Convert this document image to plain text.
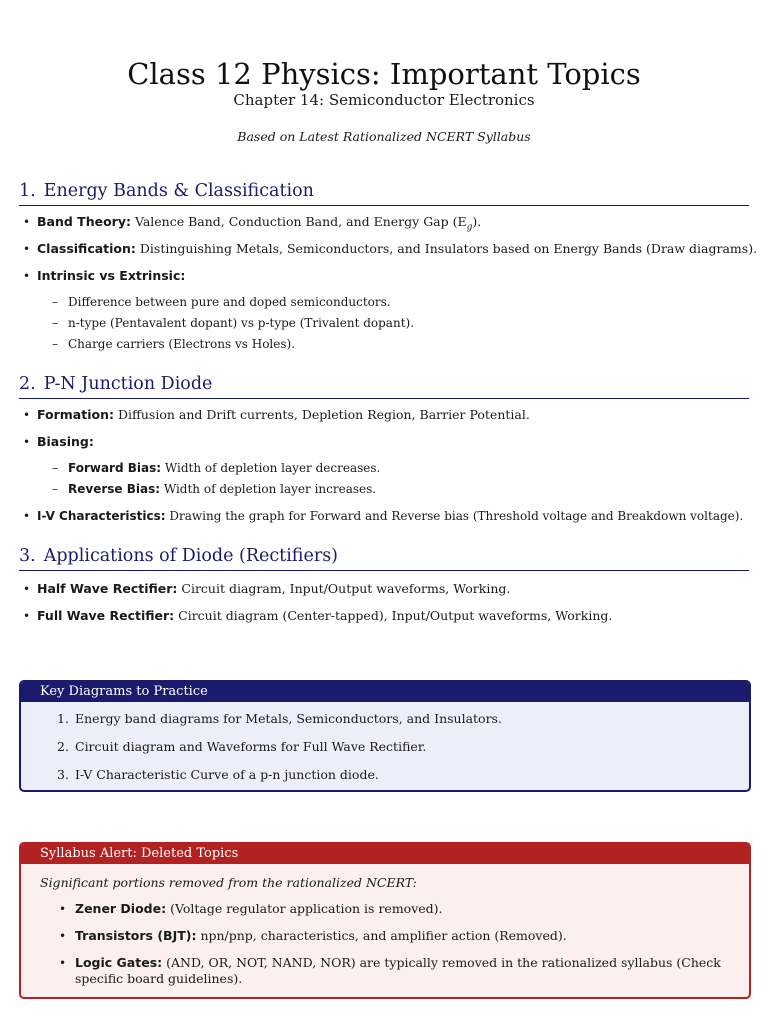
Class 12 Physics: Important Topics
Chapter 14: Semiconductor Electronics
Based on Latest Rationalized NCERT Syllabus
1. Energy Bands & Classification
• Band Theory: Valence Band, Conduction Band, and Energy Gap $(E_g)$.
• Classification: Distinguishing Metals, Semiconductors, and Insulators based on Energy Bands (Draw diagrams).
• Intrinsic vs Extrinsic:
– Difference between pure and doped semiconductors.
– n-type (Pentavalent dopant) vs p-type (Trivalent dopant).
– Charge carriers (Electrons vs Holes).
2. P-N Junction Diode
• Formation: Diffusion and Drift currents, Depletion Region, Barrier Potential.
• Biasing:
– Forward Bias: Width of depletion layer decreases.
– Reverse Bias: Width of depletion layer increases.
• I-V Characteristics: Drawing the graph for Forward and Reverse bias (Threshold voltage and Breakdown voltage).
3. Applications of Diode (Rectifiers)
• Half Wave Rectifier: Circuit diagram, Input/Output waveforms, Working.
• Full Wave Rectifier: Circuit diagram (Center-tapped), Input/Output waveforms, Working.
Key Diagrams to Practice
1. Energy band diagrams for Metals, Semiconductors, and Insulators.
2. Circuit diagram and Waveforms for Full Wave Rectifier.
3. I-V Characteristic Curve of a p-n junction diode.
Syllabus Alert: Deleted Topics
Significant portions removed from the rationalized NCERT:
• Zener Diode: (Voltage regulator application is removed).
• Transistors (BJT): npn/pnp, characteristics, and amplifier action (Removed).
• Logic Gates: (AND, OR, NOT, NAND, NOR) are typically removed in the rationalized syllabus (Check specific board guidelines).
